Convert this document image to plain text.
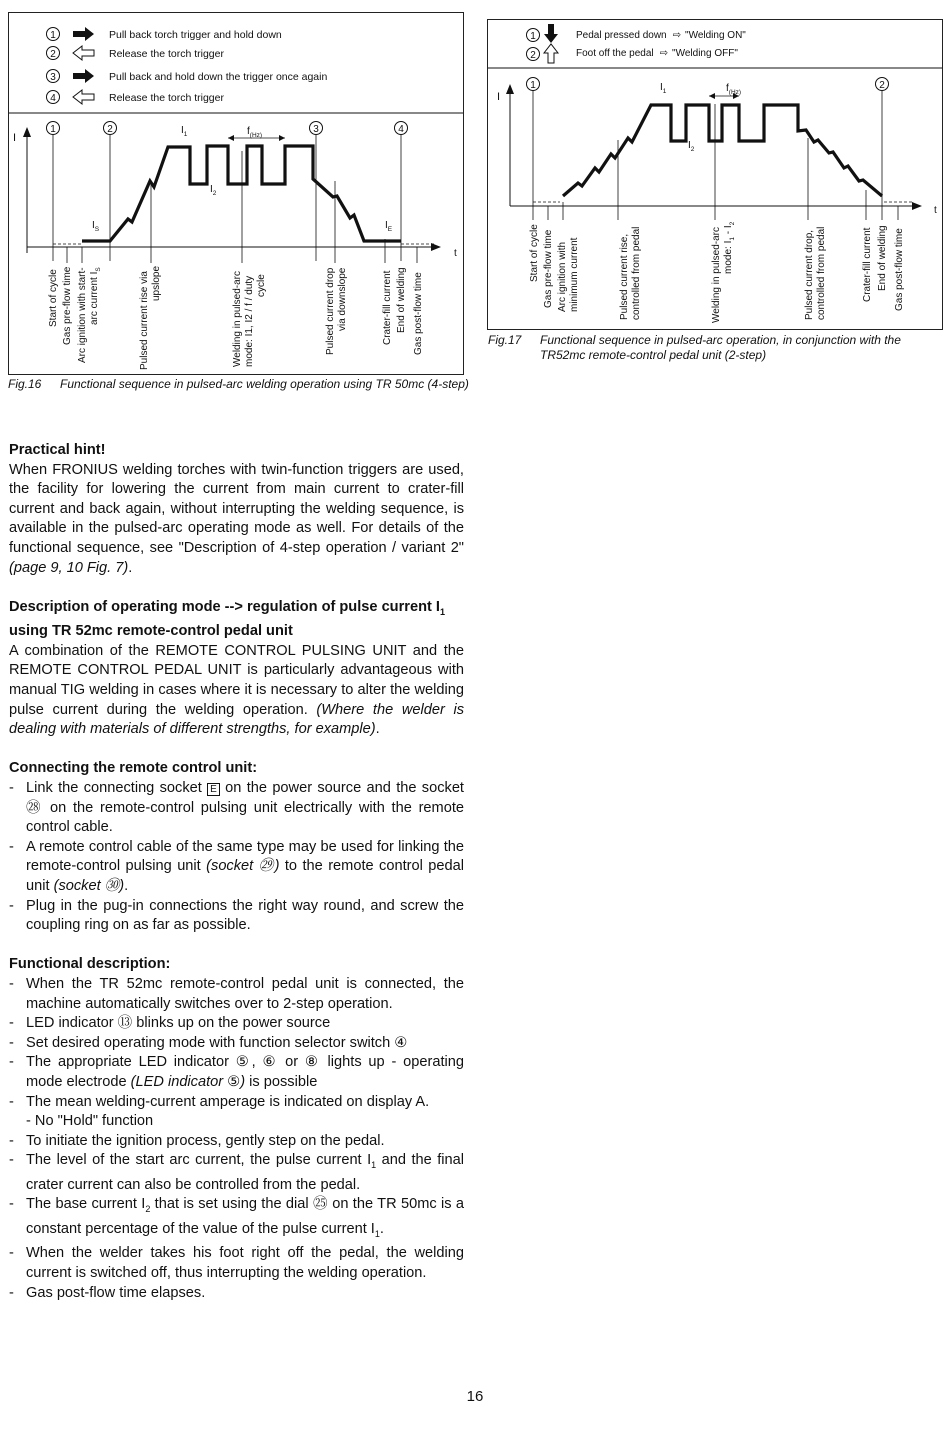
1	Pull back torch trigger and hold down
2	Release the torch trigger
3	Pull back and hold down the trigger once again
4	Release the torch trigger
I
t
1	2	3	4
$f_{(Hz)}$
$I_1$
$I_2$
$I_S$	$I_E$
Start of cycle Gas pre-flow time Arc ignition with start- arc current $I_S$
Pulsed current rise via upslope	Welding in pulsed-arc mode: I1, I2 / f / duty cycle	Pulsed current drop via downslope	Crater-fill current End of welding Gas post-flow time
Fig.16 Functional sequence in pulsed-arc welding operation using TR 50mc (4-step)
1	Pedal pressed down ⇨ "Welding ON"
2	Foot off the pedal ⇨ "Welding OFF"
I
t
1	2
$f_{(Hz)}$
$I_1$
$I_2$
Start of cycle Gas pre-flow time Arc ignition with minimum current	Pulsed current rise, controlled from pedal	Welding in pulsed-arc mode: $I_1 - I_2$
Pulsed current drop, controlled from pedal	Crater-fill current End of welding Gas post-flow time
Fig.17 Functional sequence in pulsed-arc operation, in conjunction with the
TR52mc remote-control pedal unit (2-step)
Practical hint!

When FRONIUS welding torches with twin-function triggers are used, the facility for lowering the current from main current to crater-fill current and back again, without interrupting the welding sequence, is available in the pulsed-arc operating mode as well. For details of the functional sequence, see "Description of 4-step operation / variant 2" (page 9, 10 Fig. 7).

Description of operating mode --> regulation of pulse current $I_1$ using TR 52mc remote-control pedal unit

A combination of the REMOTE CONTROL PULSING UNIT and the REMOTE CONTROL PEDAL UNIT is particularly advantageous with manual TIG welding in cases where it is necessary to alter the welding pulse current during the welding operation. (Where the welder is dealing with materials of different strengths, for example).

Connecting the remote control unit:
- Link the connecting socket E on the power source and the socket ㉘ on the remote-control pulsing unit electrically with the remote control cable.
- A remote control cable of the same type may be used for linking the remote-control pulsing unit (socket ㉙) to the remote control pedal unit (socket ㉚).
- Plug in the pug-in connections the right way round, and screw the coupling ring on as far as possible.
Functional description:
- When the TR 52mc remote-control pedal unit is connected, the machine automatically switches over to 2-step operation.
- LED indicator ⑬ blinks up on the power source
- Set desired operating mode with function selector switch ④
- The appropriate LED indicator ⑤, ⑥ or ⑧ lights up - operating mode electrode (LED indicator ⑤) is possible
- The mean welding-current amperage is indicated on display A.
- No "Hold" function
- To initiate the ignition process, gently step on the pedal.
- The level of the start arc current, the pulse current $I_1$ and the final crater current can also be controlled from the pedal.
- The base current $I_2$ that is set using the dial ㉕ on the TR 50mc is a constant percentage of the value of the pulse current $I_1$.
- When the welder takes his foot right off the pedal, the welding current is switched off, thus interrupting the welding operation.
- Gas post-flow time elapses.
16
